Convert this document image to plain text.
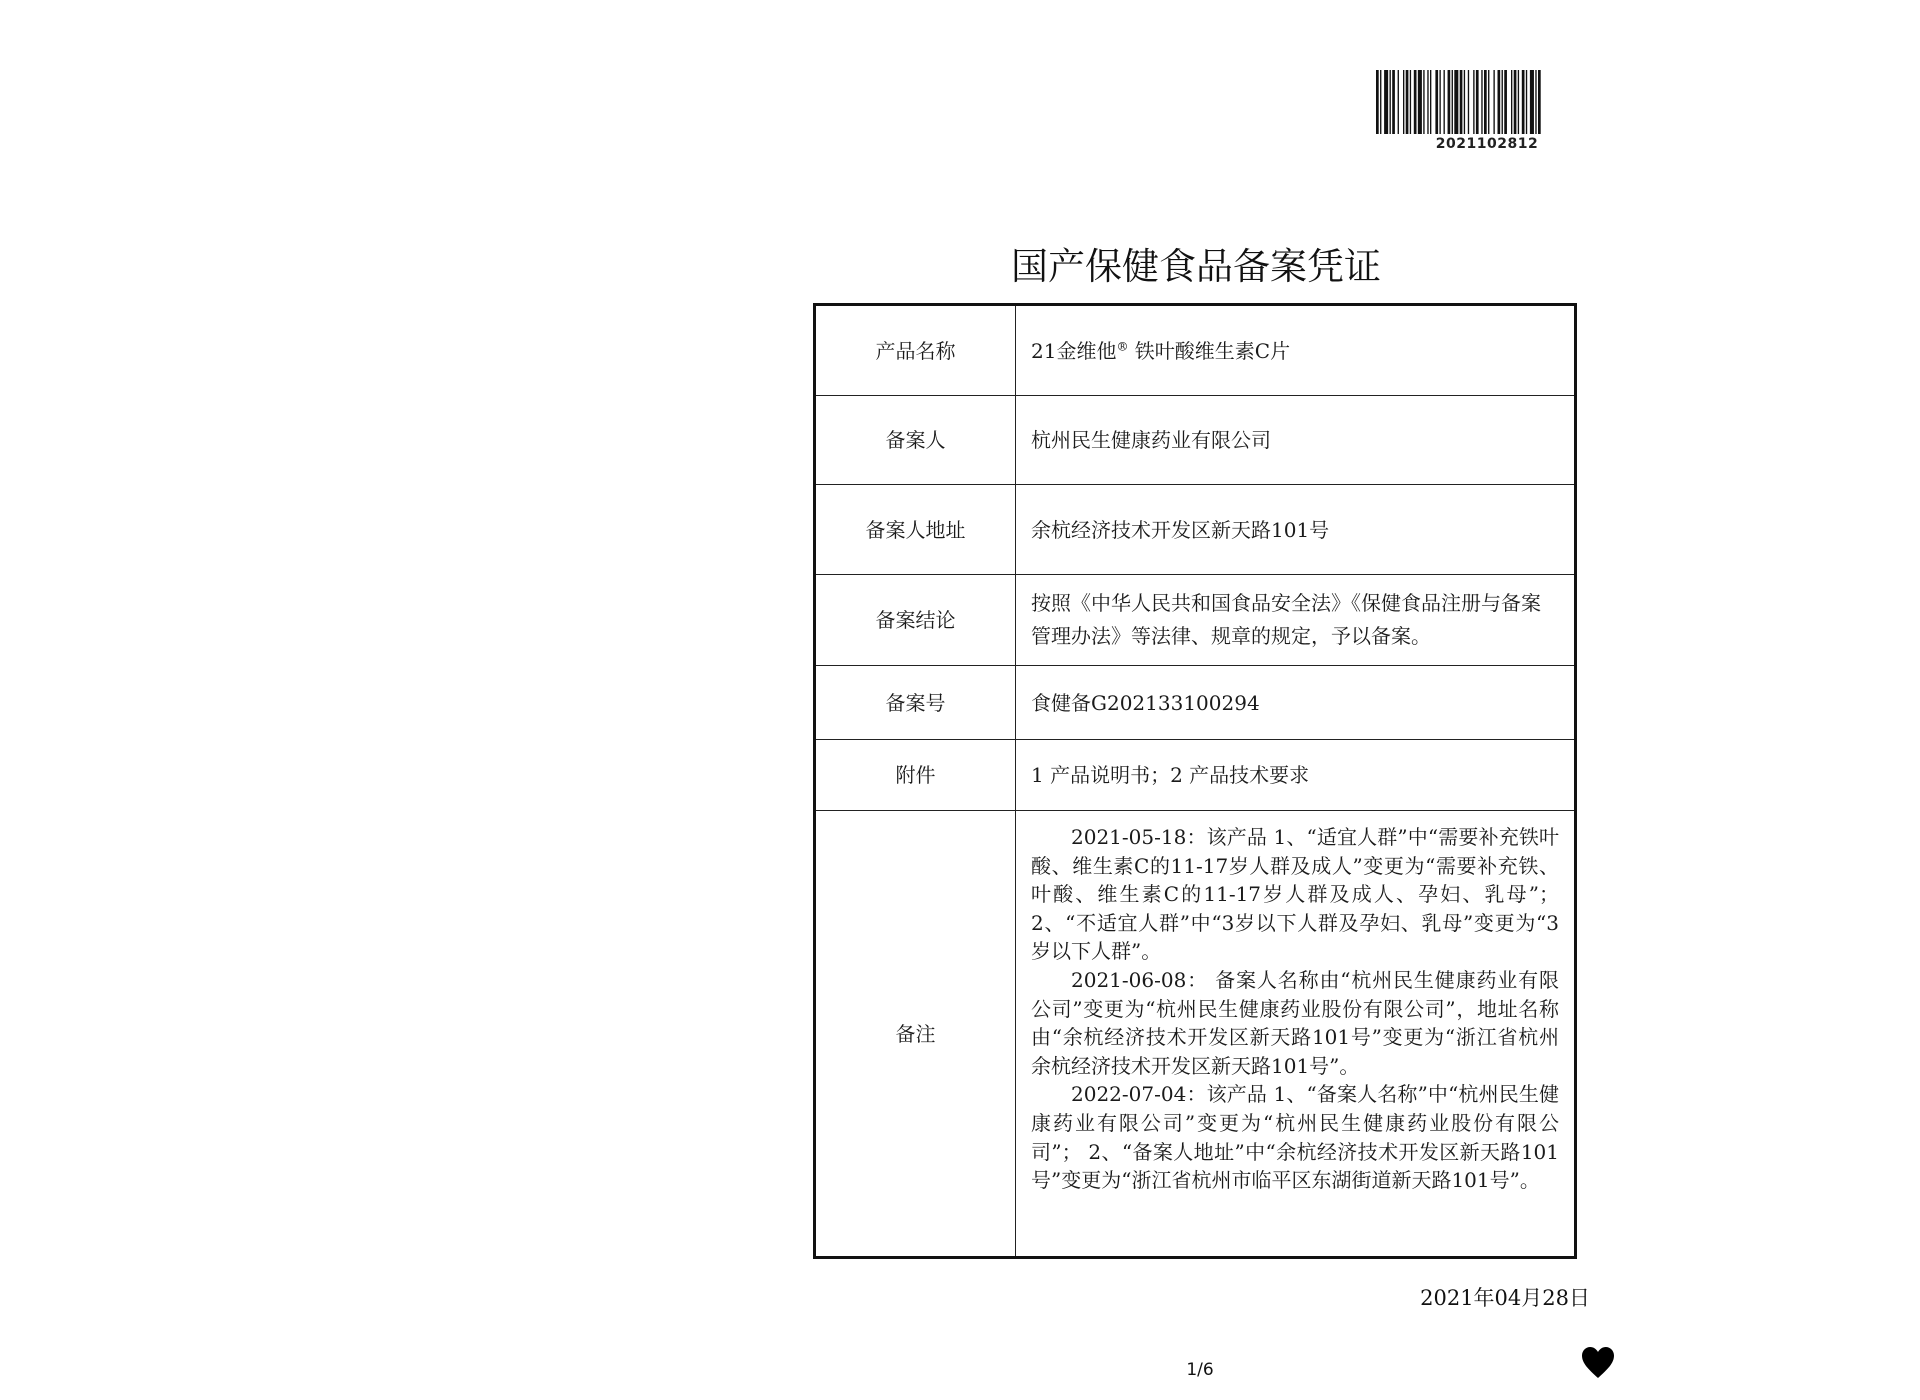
2021102812
国产保健食品备案凭证
产品名称	21金维他® 铁叶酸维生素C片
备案人	杭州民生健康药业有限公司
备案人地址	余杭经济技术开发区新天路101号
备案结论	按照《中华人民共和国食品安全法》《保健食品注册与备案管理办法》等法律、规章的规定，予以备案。
备案号	食健备G202133100294
附件	1 产品说明书；2 产品技术要求
备注	2021-05-18：该产品 1、“适宜人群”中“需要补充铁叶酸、维生素C的11-17岁人群及成人”变更为“需要补充铁、叶酸、维生素C的11-17岁人群及成人、孕妇、乳母”； 2、“不适宜人群”中“3岁以下人群及孕妇、乳母”变更为“3岁以下人群”。

2021-06-08： 备案人名称由“杭州民生健康药业有限公司”变更为“杭州民生健康药业股份有限公司”，地址名称由“余杭经济技术开发区新天路101号”变更为“浙江省杭州余杭经济技术开发区新天路101号”。

2022-07-04：该产品 1、“备案人名称”中“杭州民生健康药业有限公司”变更为“杭州民生健康药业股份有限公司”； 2、“备案人地址”中“余杭经济技术开发区新天路101号”变更为“浙江省杭州市临平区东湖街道新天路101号”。

2021年04月28日
1/6
